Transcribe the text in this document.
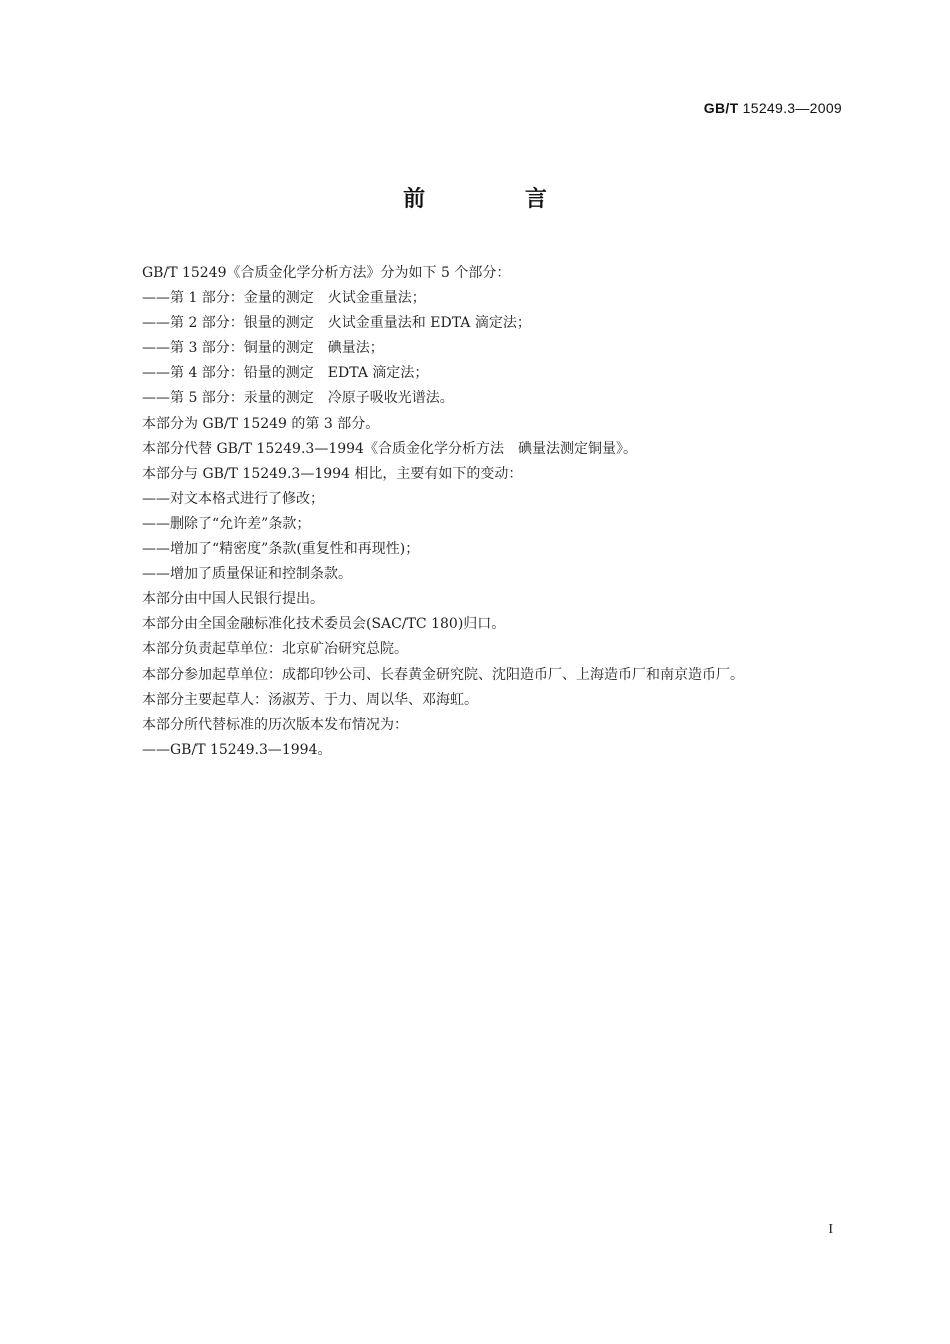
GB/T 15249.3—2009
前 言
GB/T 15249《合质金化学分析方法》分为如下 5 个部分：
——第 1 部分：金量的测定　火试金重量法；
——第 2 部分：银量的测定　火试金重量法和 EDTA 滴定法；
——第 3 部分：铜量的测定　碘量法；
——第 4 部分：铅量的测定　EDTA 滴定法；
——第 5 部分：汞量的测定　冷原子吸收光谱法。
本部分为 GB/T 15249 的第 3 部分。
本部分代替 GB/T 15249.3—1994《合质金化学分析方法　碘量法测定铜量》。
本部分与 GB/T 15249.3—1994 相比，主要有如下的变动：
——对文本格式进行了修改；
——删除了“允许差”条款；
——增加了“精密度”条款(重复性和再现性)；
——增加了质量保证和控制条款。
本部分由中国人民银行提出。
本部分由全国金融标准化技术委员会(SAC/TC 180)归口。
本部分负责起草单位：北京矿冶研究总院。
本部分参加起草单位：成都印钞公司、长春黄金研究院、沈阳造币厂、上海造币厂和南京造币厂。
本部分主要起草人：汤淑芳、于力、周以华、邓海虹。
本部分所代替标准的历次版本发布情况为：
——GB/T 15249.3—1994。
I
